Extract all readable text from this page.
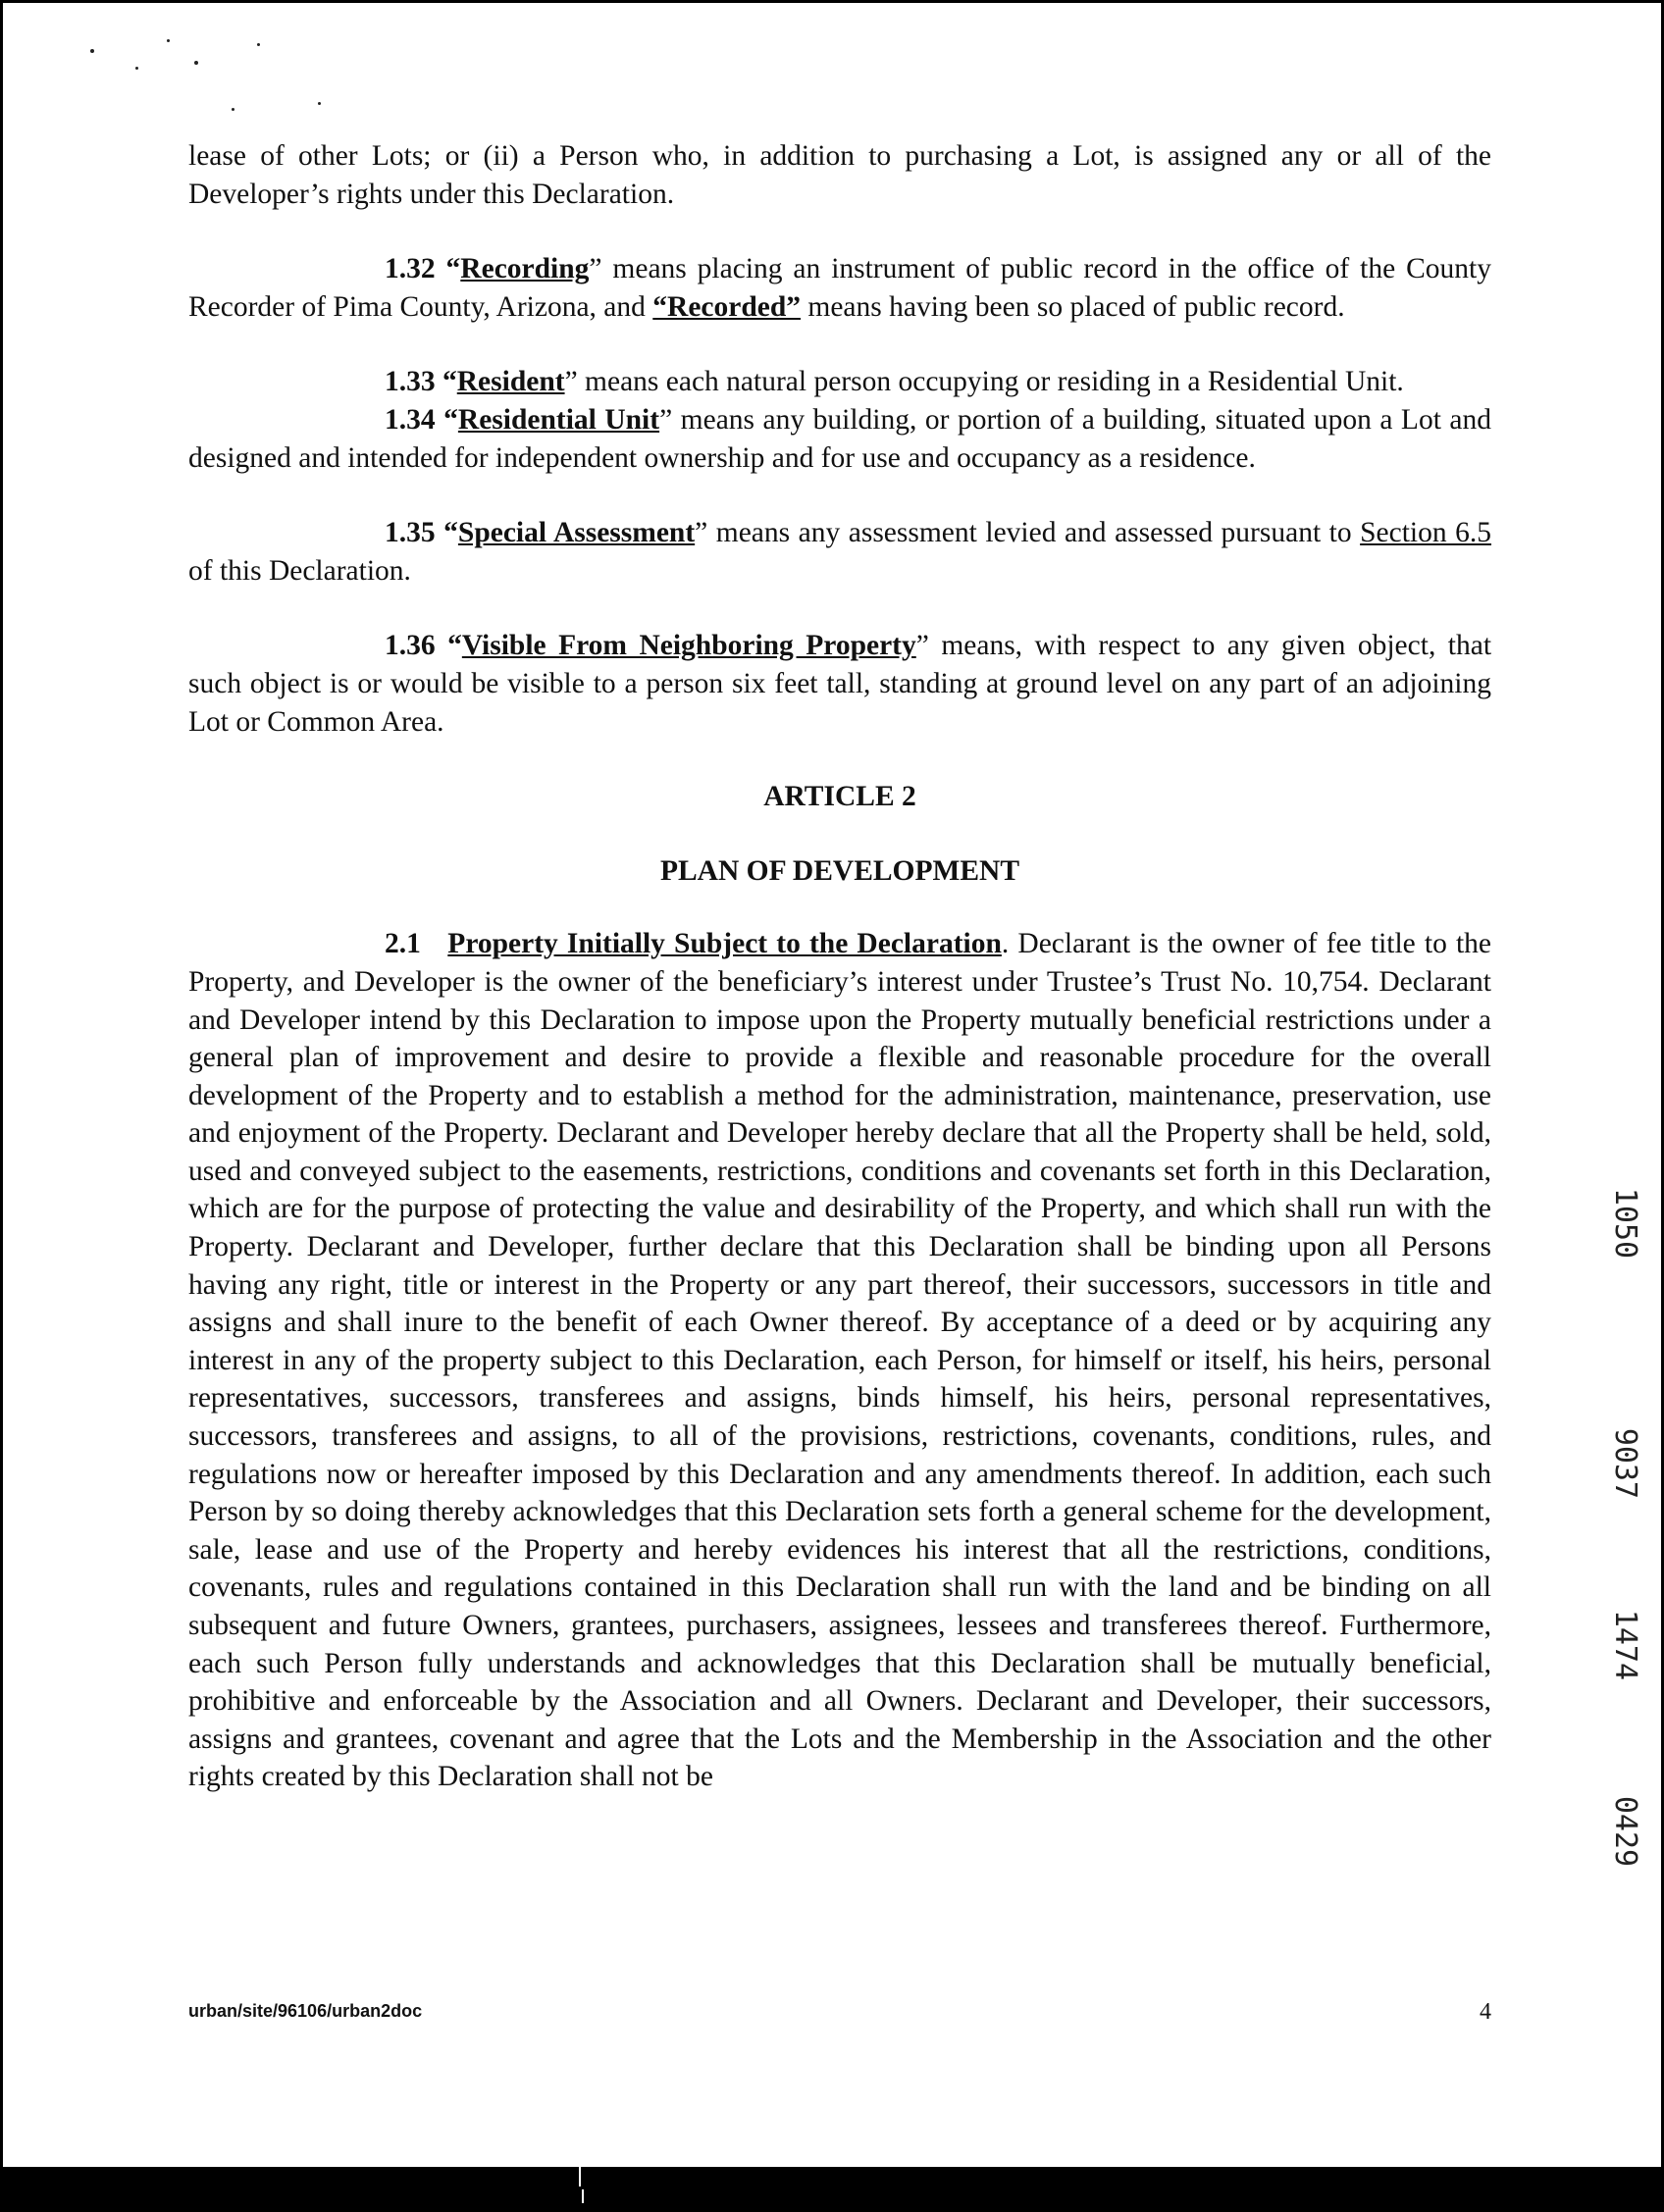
lease of other Lots; or (ii) a Person who, in addition to purchasing a Lot, is assigned any or all of the Developer’s rights under this Declaration.

1.32 “Recording” means placing an instrument of public record in the office of the County Recorder of Pima County, Arizona, and “Recorded” means having been so placed of public record.

1.33 “Resident” means each natural person occupying or residing in a Residential Unit.

1.34 “Residential Unit” means any building, or portion of a building, situated upon a Lot and designed and intended for independent ownership and for use and occupancy as a residence.

1.35 “Special Assessment” means any assessment levied and assessed pursuant to Section 6.5 of this Declaration.

1.36 “Visible From Neighboring Property” means, with respect to any given object, that such object is or would be visible to a person six feet tall, standing at ground level on any part of an adjoining Lot or Common Area.

ARTICLE 2

PLAN OF DEVELOPMENT

2.1 Property Initially Subject to the Declaration. Declarant is the owner of fee title to the Property, and Developer is the owner of the beneficiary’s interest under Trustee’s Trust No. 10,754. Declarant and Developer intend by this Declaration to impose upon the Property mutually beneficial restrictions under a general plan of improvement and desire to provide a flexible and reasonable procedure for the overall development of the Property and to establish a method for the administration, maintenance, preservation, use and enjoyment of the Property. Declarant and Developer hereby declare that all the Property shall be held, sold, used and conveyed subject to the easements, restrictions, conditions and covenants set forth in this Declaration, which are for the purpose of protecting the value and desirability of the Property, and which shall run with the Property. Declarant and Developer, further declare that this Declaration shall be binding upon all Persons having any right, title or interest in the Property or any part thereof, their successors, successors in title and assigns and shall inure to the benefit of each Owner thereof. By acceptance of a deed or by acquiring any interest in any of the property subject to this Declaration, each Person, for himself or itself, his heirs, personal representatives, successors, transferees and assigns, binds himself, his heirs, personal representatives, successors, transferees and assigns, to all of the provisions, restrictions, covenants, conditions, rules, and regulations now or hereafter imposed by this Declaration and any amendments thereof. In addition, each such Person by so doing thereby acknowledges that this Declaration sets forth a general scheme for the development, sale, lease and use of the Property and hereby evidences his interest that all the restrictions, conditions, covenants, rules and regulations contained in this Declaration shall run with the land and be binding on all subsequent and future Owners, grantees, purchasers, assignees, lessees and transferees thereof. Furthermore, each such Person fully understands and acknowledges that this Declaration shall be mutually beneficial, prohibitive and enforceable by the Association and all Owners. Declarant and Developer, their successors, assigns and grantees, covenant and agree that the Lots and the Membership in the Association and the other rights created by this Declaration shall not be

urban/site/96106/urban2doc	4
1050
9037
1474
0429
